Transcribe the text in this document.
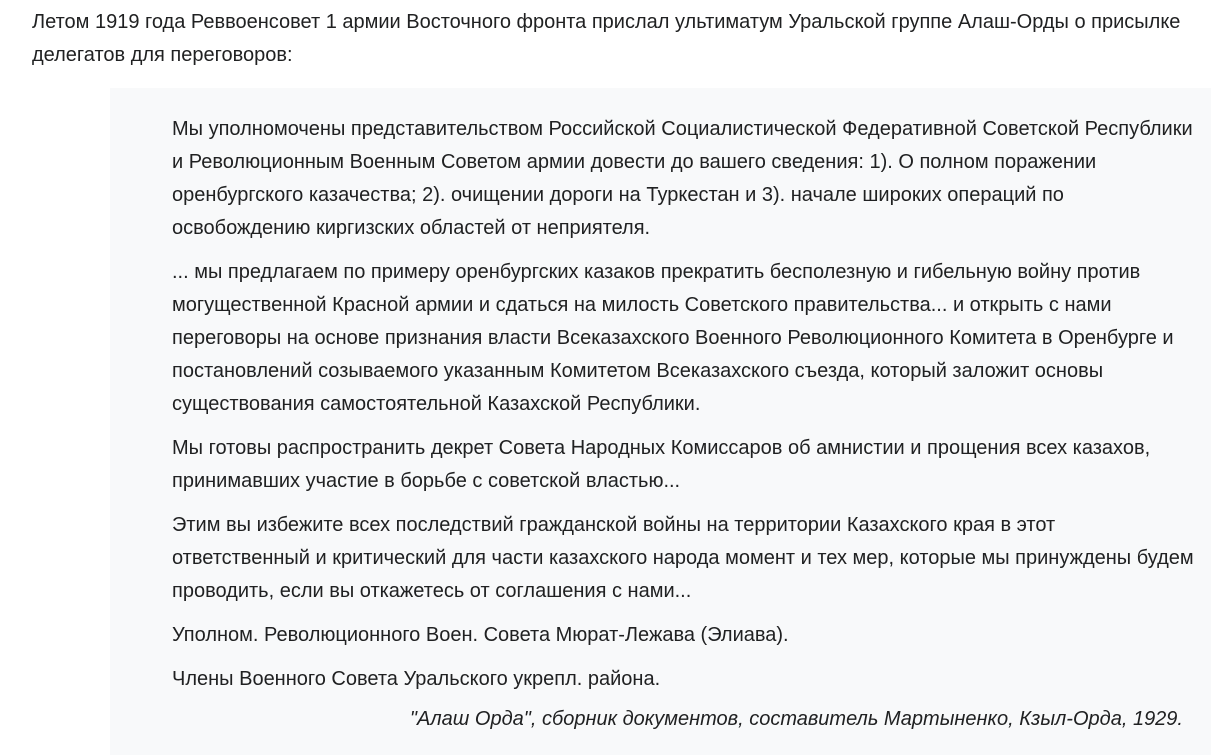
Летом 1919 года Реввоенсовет 1 армии Восточного фронта прислал ультиматум Уральской группе Алаш-Орды о присылке делегатов для переговоров:

Мы уполномочены представительством Российской Социалистической Федеративной Советской Республики и Революционным Военным Советом армии довести до вашего сведения: 1). О полном поражении оренбургского казачества; 2). очищении дороги на Туркестан и 3). начале широких операций по освобождению киргизских областей от неприятеля.

... мы предлагаем по примеру оренбургских казаков прекратить бесполезную и гибельную войну против могущественной Красной армии и сдаться на милость Советского правительства... и открыть с нами переговоры на основе признания власти Всеказахского Военного Революционного Комитета в Оренбурге и постановлений созываемого указанным Комитетом Всеказахского съезда, который заложит основы существования самостоятельной Казахской Республики.

Мы готовы распространить декрет Совета Народных Комиссаров об амнистии и прощения всех казахов, принимавших участие в борьбе с советской властью...

Этим вы избежите всех последствий гражданской войны на территории Казахского края в этот ответственный и критический для части казахского народа момент и тех мер, которые мы принуждены будем проводить, если вы откажетесь от соглашения с нами...

Уполном. Революционного Воен. Совета Мюрат-Лежава (Элиава).

Члены Военного Совета Уральского укрепл. района.

"Алаш Орда", сборник документов, составитель Мартыненко, Кзыл-Орда, 1929.
